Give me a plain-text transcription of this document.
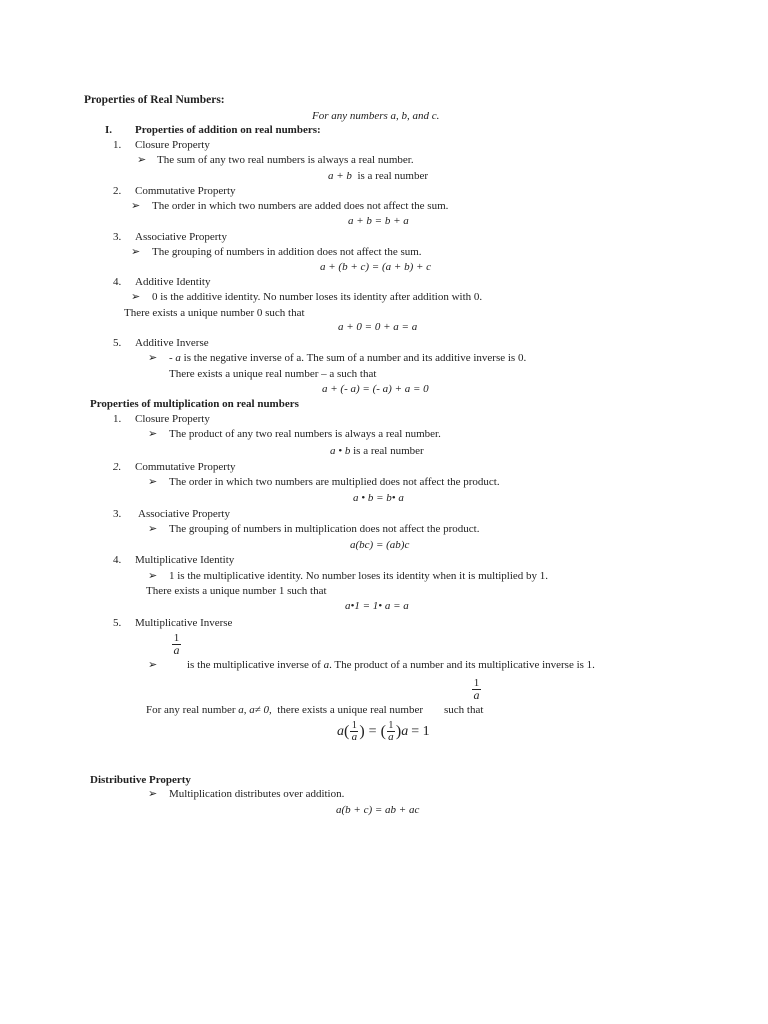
Properties of Real Numbers:
For any numbers a, b, and c.
I. Properties of addition on real numbers:
1. Closure Property
➢ The sum of any two real numbers is always a real number.
a + b is a real number
2. Commutative Property
➢ The order in which two numbers are added does not affect the sum.
a + b = b + a
3. Associative Property
➢ The grouping of numbers in addition does not affect the sum.
a + (b + c) = (a + b) + c
4. Additive Identity
➢ 0 is the additive identity. No number loses its identity after addition with 0.
There exists a unique number 0 such that
a + 0 = 0 + a = a
5. Additive Inverse
➢ - a is the negative inverse of a. The sum of a number and its additive inverse is 0.
There exists a unique real number – a such that
a + (- a) = (- a) + a = 0
Properties of multiplication on real numbers
1. Closure Property
➢ The product of any two real numbers is always a real number.
a • b is a real number
2. Commutative Property
➢ The order in which two numbers are multiplied does not affect the product.
a • b = b• a
3. Associative Property
➢ The grouping of numbers in multiplication does not affect the product.
a(bc) = (ab)c
4. Multiplicative Identity
➢ 1 is the multiplicative identity. No number loses its identity when it is multiplied by 1.
There exists a unique number 1 such that
a•1 = 1• a = a
5. Multiplicative Inverse
1
a
➢	is the multiplicative inverse of a. The product of a number and its multiplicative inverse is 1.
1
a
For any real number a, a≠ 0, there exists a unique real number such that
a ( 1
a ) = ( 1
a ) a = 1
Distributive Property
➢ Multiplication distributes over addition.
a(b + c) = ab + ac
